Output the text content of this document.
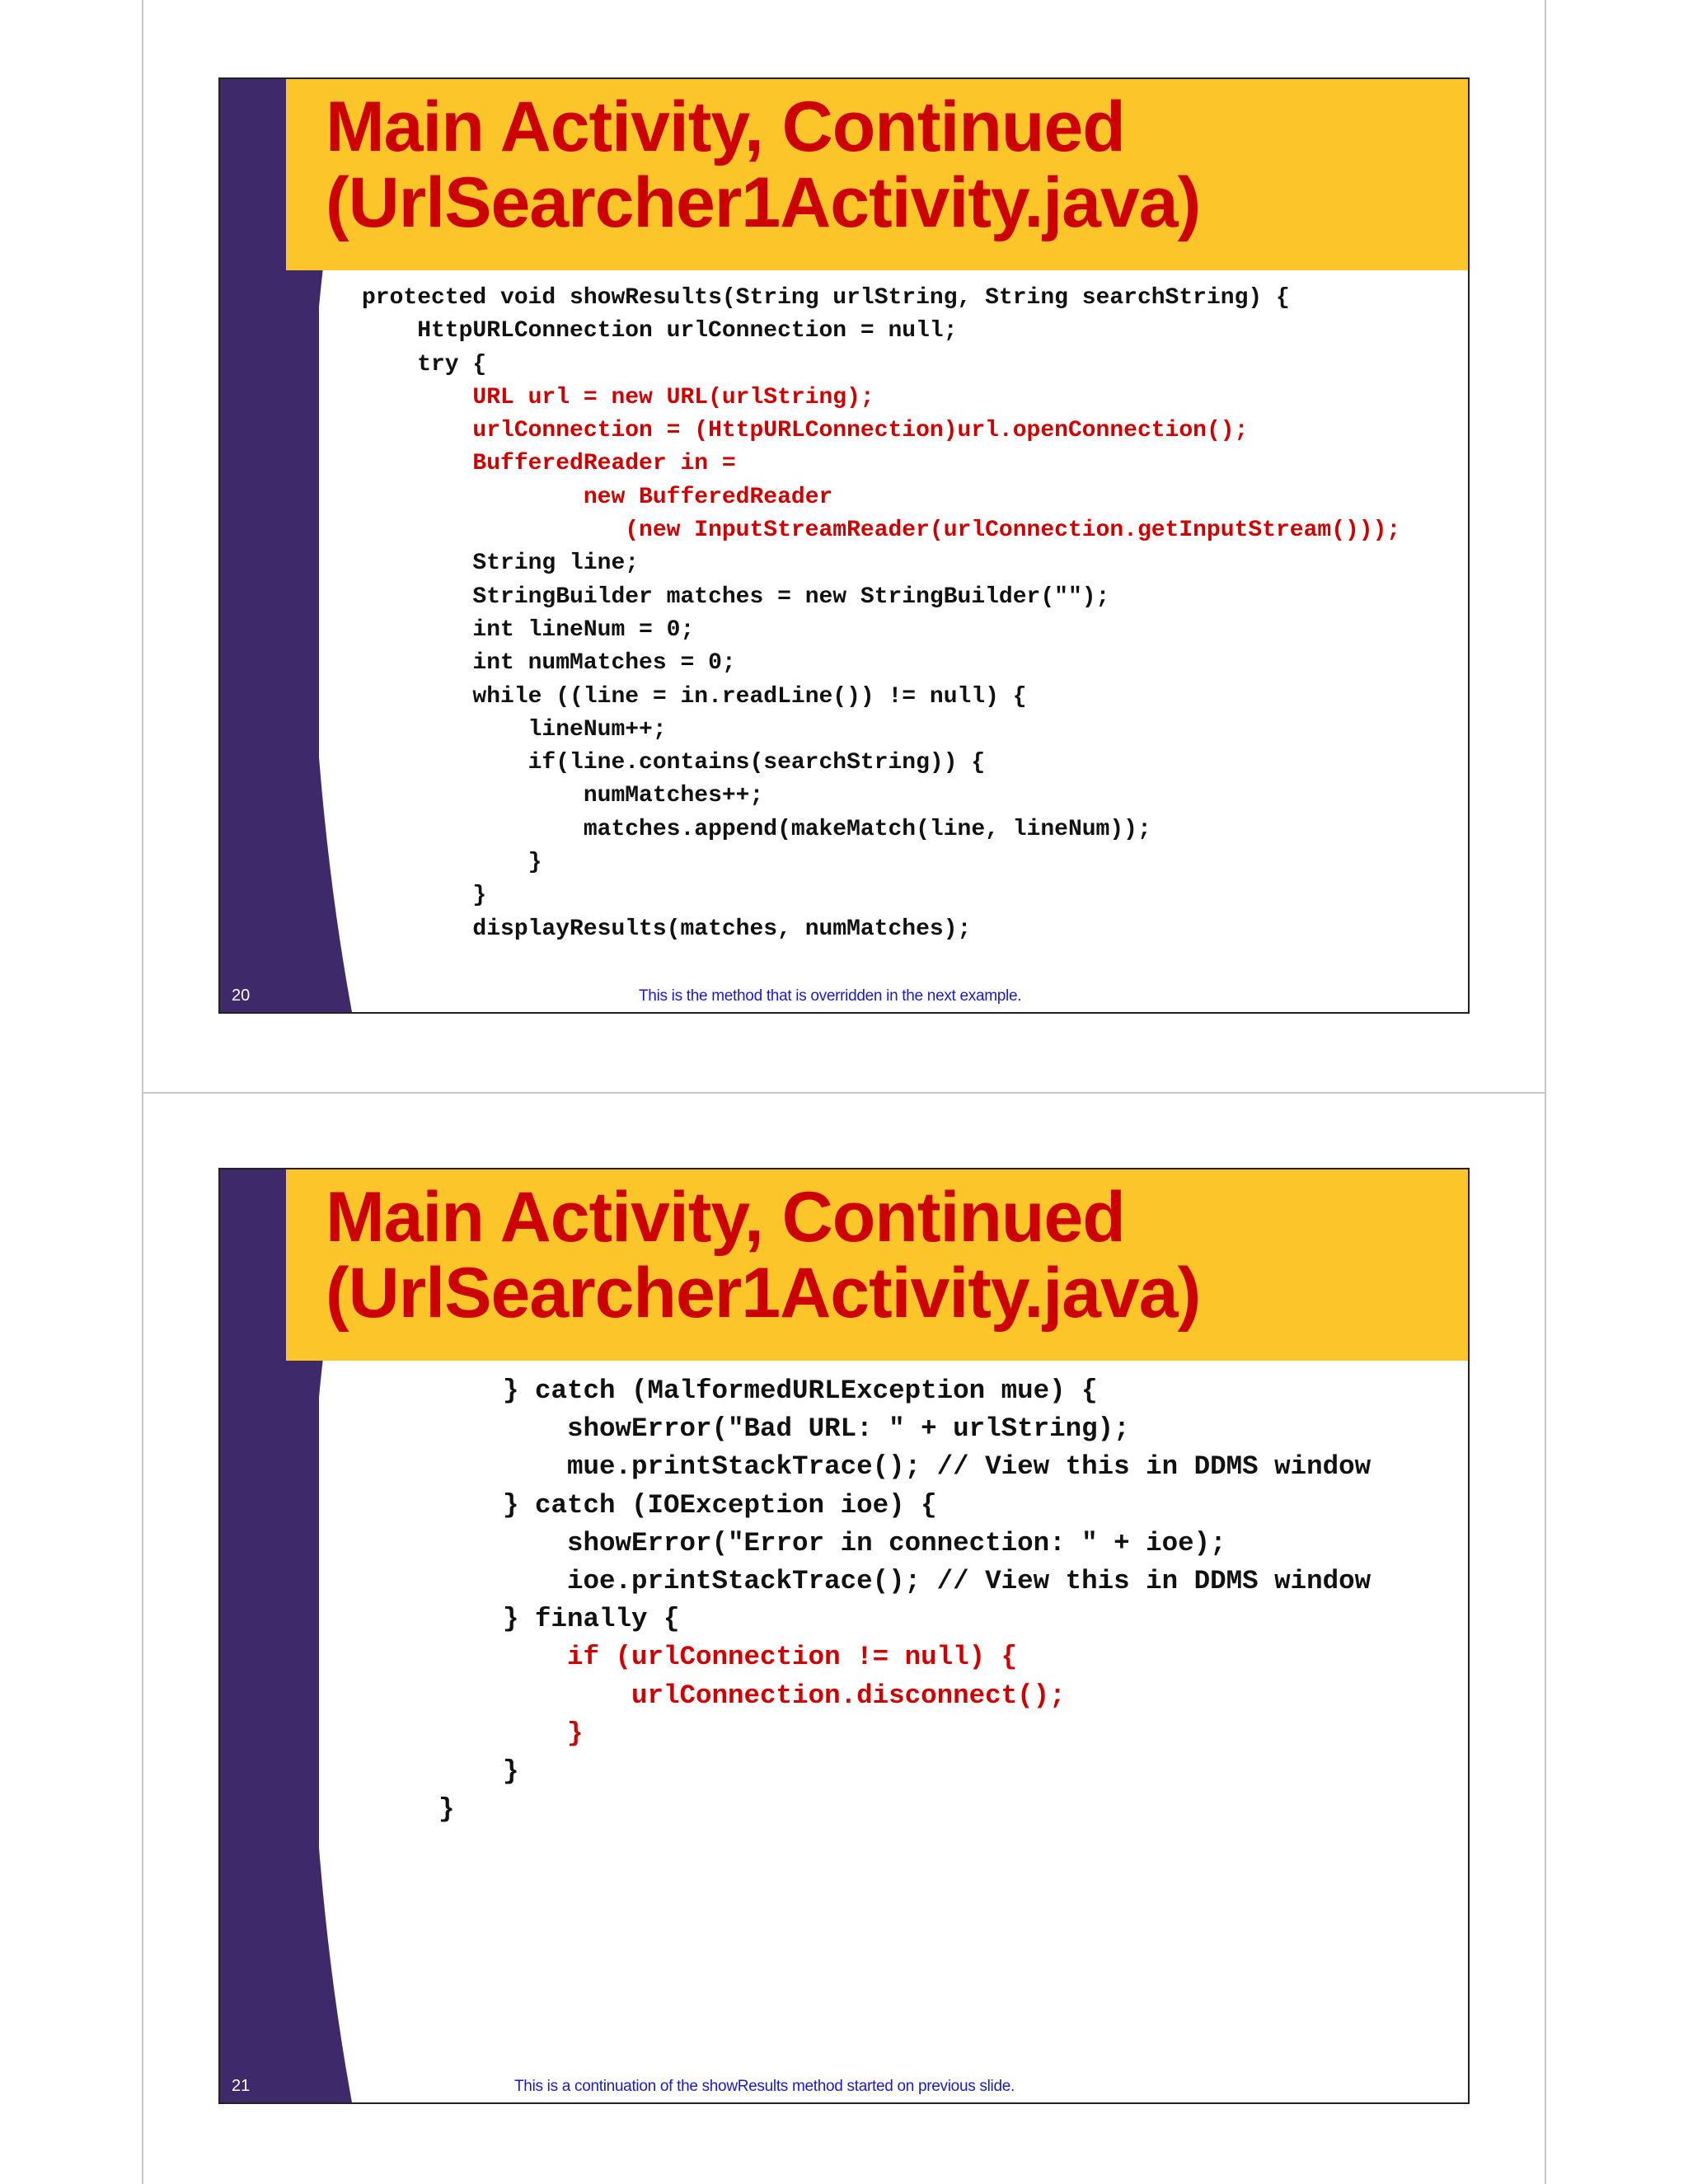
Main Activity, Continued
(UrlSearcher1Activity.java)
protected void showResults(String urlString, String searchString) {
HttpURLConnection urlConnection = null;
try {
URL url = new URL(urlString);
urlConnection = (HttpURLConnection)url.openConnection();
BufferedReader in =
new BufferedReader
(new InputStreamReader(urlConnection.getInputStream()));
String line;
StringBuilder matches = new StringBuilder("");
int lineNum = 0;
int numMatches = 0;
while ((line = in.readLine()) != null) {
lineNum++;
if(line.contains(searchString)) {
numMatches++;
matches.append(makeMatch(line, lineNum));
}
}
displayResults(matches, numMatches);
20	This is the method that is overridden in the next example.
Main Activity, Continued
(UrlSearcher1Activity.java)
} catch (MalformedURLException mue) {
showError("Bad URL: " + urlString);
mue.printStackTrace(); // View this in DDMS window
} catch (IOException ioe) {
showError("Error in connection: " + ioe);
ioe.printStackTrace(); // View this in DDMS window
} finally {
if (urlConnection != null) {
urlConnection.disconnect();
}
}
}
21	This is a continuation of the showResults method started on previous slide.
